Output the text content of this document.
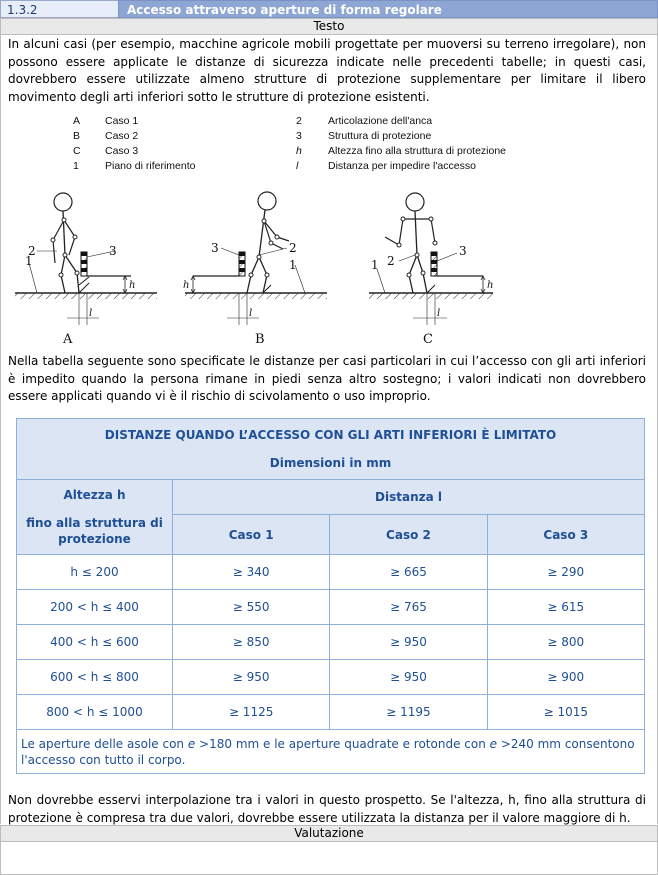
1.3.2	Accesso attraverso aperture di forma regolare
Testo

In alcuni casi (per esempio, macchine agricole mobili progettate per muoversi su terreno irregolare), non possono essere applicate le distanze di sicurezza indicate nelle precedenti tabelle; in questi casi, dovrebbero essere utilizzate almeno strutture di protezione supplementare per limitare il libero movimento degli arti inferiori sotto le strutture di protezione esistenti.

A Caso 1
B Caso 2
C Caso 3
1 Piano di riferimento
2 Articolazione dell'anca
3 Struttura di protezione
h Altezza fino alla struttura di protezione
l	Distanza per impedire l'accesso
1
2	3
h
l
A
3	2
1
h
l
B
1 2
3
h
l
C

Nella tabella seguente sono specificate le distanze per casi particolari in cui l’accesso con gli arti inferiori è impedito quando la persona rimane in piedi senza altro sostegno; i valori indicati non dovrebbero essere applicati quando vi è il rischio di scivolamento o uso improprio.

DISTANZE QUANDO L’ACCESSO CON GLI ARTI INFERIORI È LIMITATO
Dimensioni in mm			

Altezza h
fino alla struttura di protezione	Distanza l		
	Caso 1	Caso 2	Caso 3
h ≤ 200	≥ 340	≥ 665	≥ 290
200 < h ≤ 400	≥ 550	≥ 765	≥ 615
400 < h ≤ 600	≥ 850	≥ 950	≥ 800
600 < h ≤ 800	≥ 950	≥ 950	≥ 900
800 < h ≤ 1000	≥ 1125	≥ 1195	≥ 1015
Le aperture delle asole con e >180 mm e le aperture quadrate e rotonde con e >240 mm consentono l'accesso con tutto il corpo.			

Non dovrebbe esservi interpolazione tra i valori in questo prospetto. Se l'altezza, h, fino alla struttura di protezione è compresa tra due valori, dovrebbe essere utilizzata la distanza per il valore maggiore di h.

Valutazione
